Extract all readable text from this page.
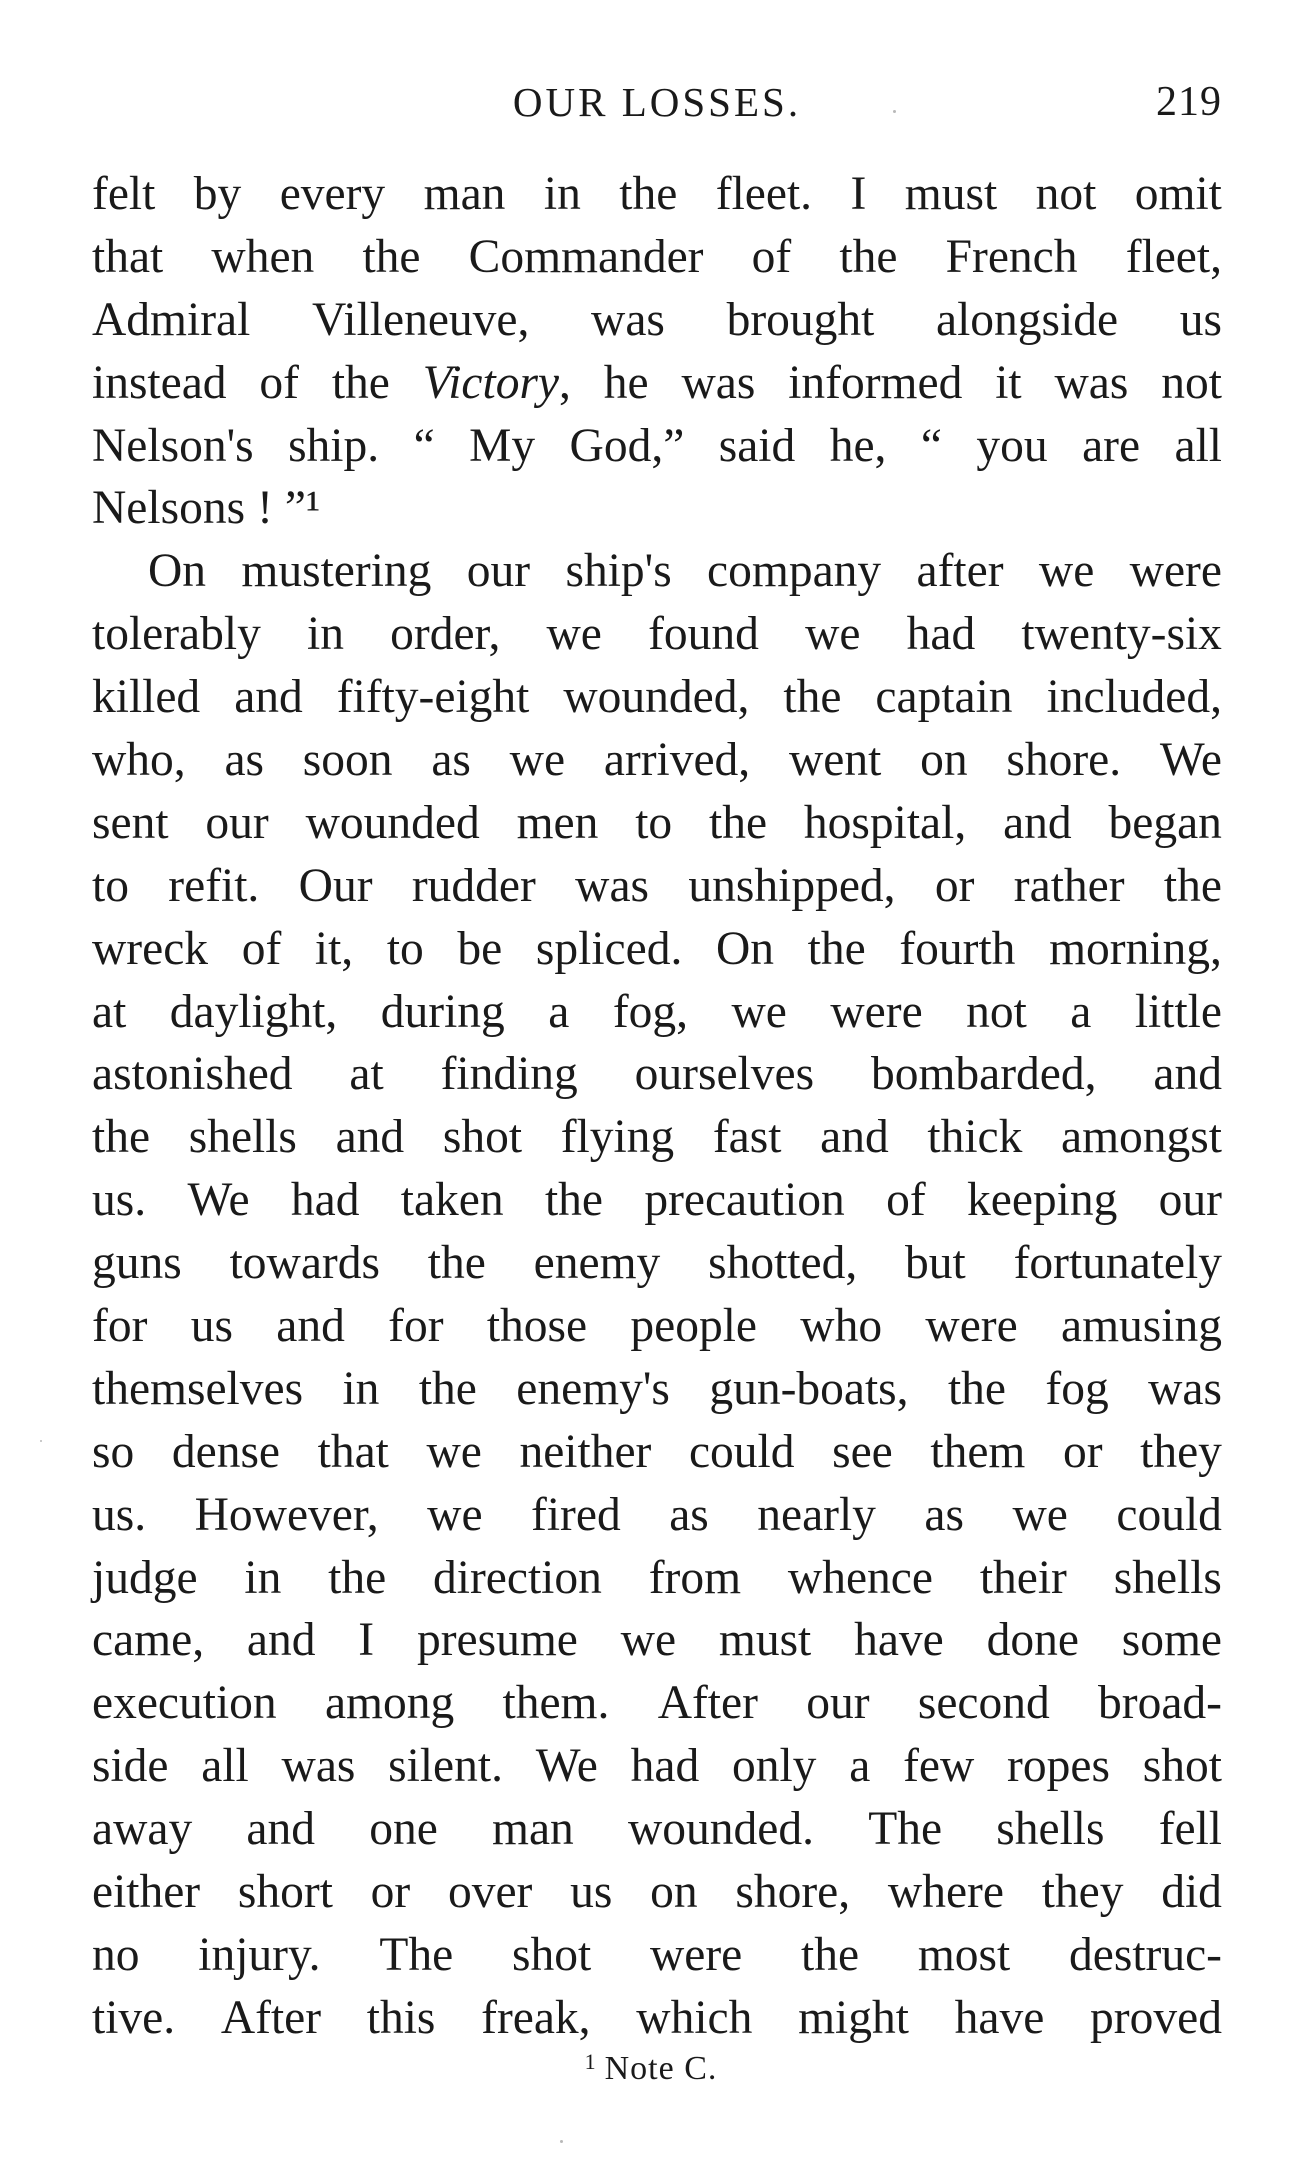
OUR LOSSES.	219
felt by every man in the fleet. I must not omit
that when the Commander of the French fleet,
Admiral Villeneuve, was brought alongside us
instead of the Victory, he was informed it was not
Nelson's ship. “ My God,” said he, “ you are all
Nelsons ! ”¹
On mustering our ship's company after we were
tolerably in order, we found we had twenty-six
killed and fifty-eight wounded, the captain included,
who, as soon as we arrived, went on shore. We
sent our wounded men to the hospital, and began
to refit. Our rudder was unshipped, or rather the
wreck of it, to be spliced. On the fourth morning,
at daylight, during a fog, we were not a little
astonished at finding ourselves bombarded, and
the shells and shot flying fast and thick amongst
us. We had taken the precaution of keeping our
guns towards the enemy shotted, but fortunately
for us and for those people who were amusing
themselves in the enemy's gun-boats, the fog was
so dense that we neither could see them or they
us. However, we fired as nearly as we could
judge in the direction from whence their shells
came, and I presume we must have done some
execution among them. After our second broad-
side all was silent. We had only a few ropes shot
away and one man wounded. The shells fell
either short or over us on shore, where they did
no injury. The shot were the most destruc-
tive. After this freak, which might have proved
$^1$ Note C.
